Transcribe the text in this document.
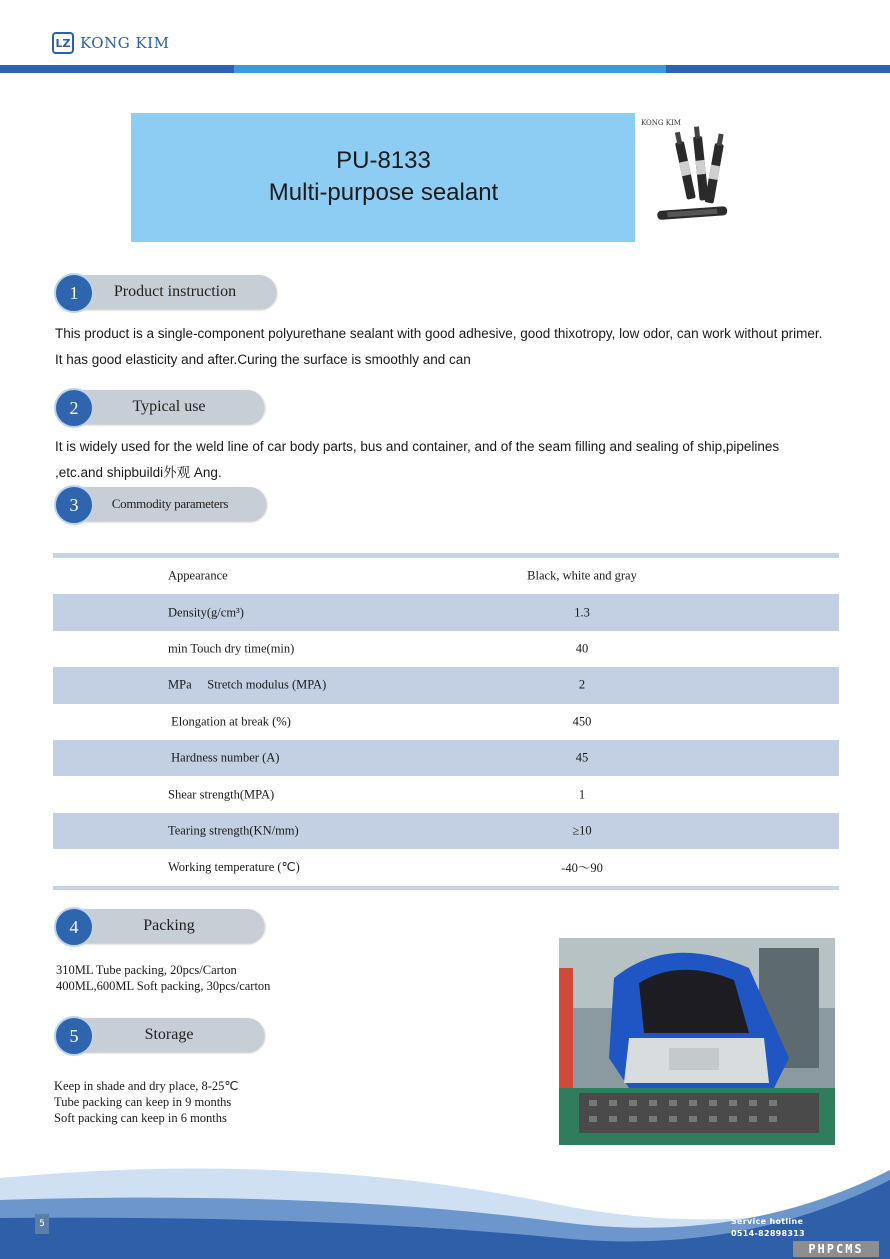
LZ KONG KIM
PU-8133
Multi-purpose sealant
KONG KIM
Product instruction
1
This product is a single-component polyurethane sealant with good adhesive, good thixotropy, low odor, can work without primer.
It has good elasticity and after.Curing the surface is smoothly and can
Typical use
2
It is widely used for the weld line of car body parts, bus and container, and of the seam filling and sealing of ship,pipelines
,etc.and shipbuildi外观 Ang.
Commodity parameters
3
Appearance	Black, white and gray
Density(g/cm³)	1.3
min Touch dry time(min)	40
MPa     Stretch modulus (MPA)	2
Elongation at break (%)	450
Hardness number (A)	45
Shear strength(MPA)	1
Tearing strength(KN/mm)	≥10
Working temperature (℃)	-40～90
Packing
4
310ML Tube packing, 20pcs/Carton
400ML,600ML Soft packing, 30pcs/carton
Storage
5
Keep in shade and dry place, 8-25℃
Tube packing can keep in 9 months
Soft packing can keep in 6 months
5	Service hotline
0514-82898313
PHPCMS
